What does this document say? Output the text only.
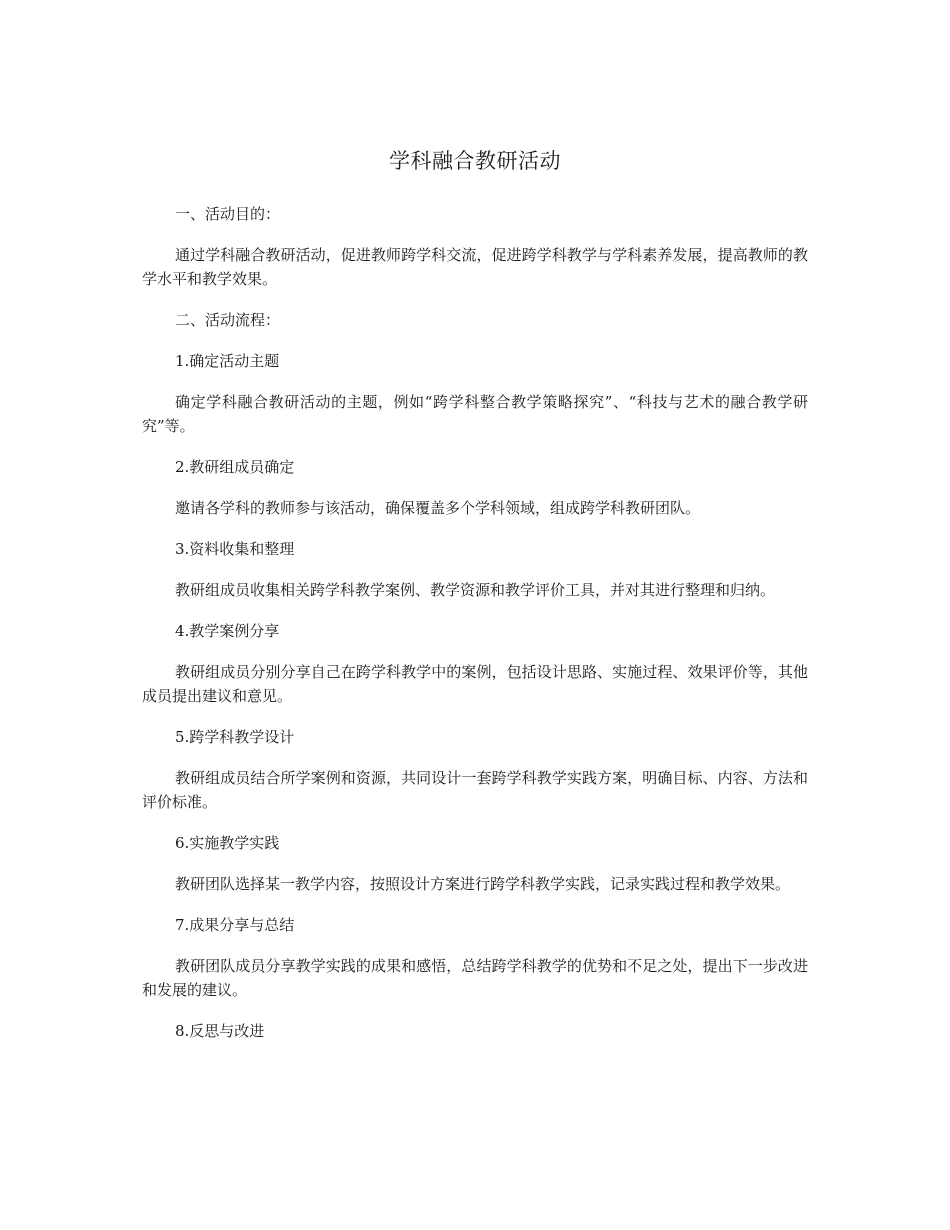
学科融合教研活动

一、活动目的：

通过学科融合教研活动，促进教师跨学科交流，促进跨学科教学与学科素养发展，提高教师的教学水平和教学效果。

二、活动流程：

1.确定活动主题

确定学科融合教研活动的主题，例如“跨学科整合教学策略探究”、“科技与艺术的融合教学研究”等。

2.教研组成员确定

邀请各学科的教师参与该活动，确保覆盖多个学科领域，组成跨学科教研团队。

3.资料收集和整理

教研组成员收集相关跨学科教学案例、教学资源和教学评价工具，并对其进行整理和归纳。

4.教学案例分享

教研组成员分别分享自己在跨学科教学中的案例，包括设计思路、实施过程、效果评价等，其他成员提出建议和意见。

5.跨学科教学设计

教研组成员结合所学案例和资源，共同设计一套跨学科教学实践方案，明确目标、内容、方法和评价标准。

6.实施教学实践

教研团队选择某一教学内容，按照设计方案进行跨学科教学实践，记录实践过程和教学效果。

7.成果分享与总结

教研团队成员分享教学实践的成果和感悟，总结跨学科教学的优势和不足之处，提出下一步改进和发展的建议。

8.反思与改进
